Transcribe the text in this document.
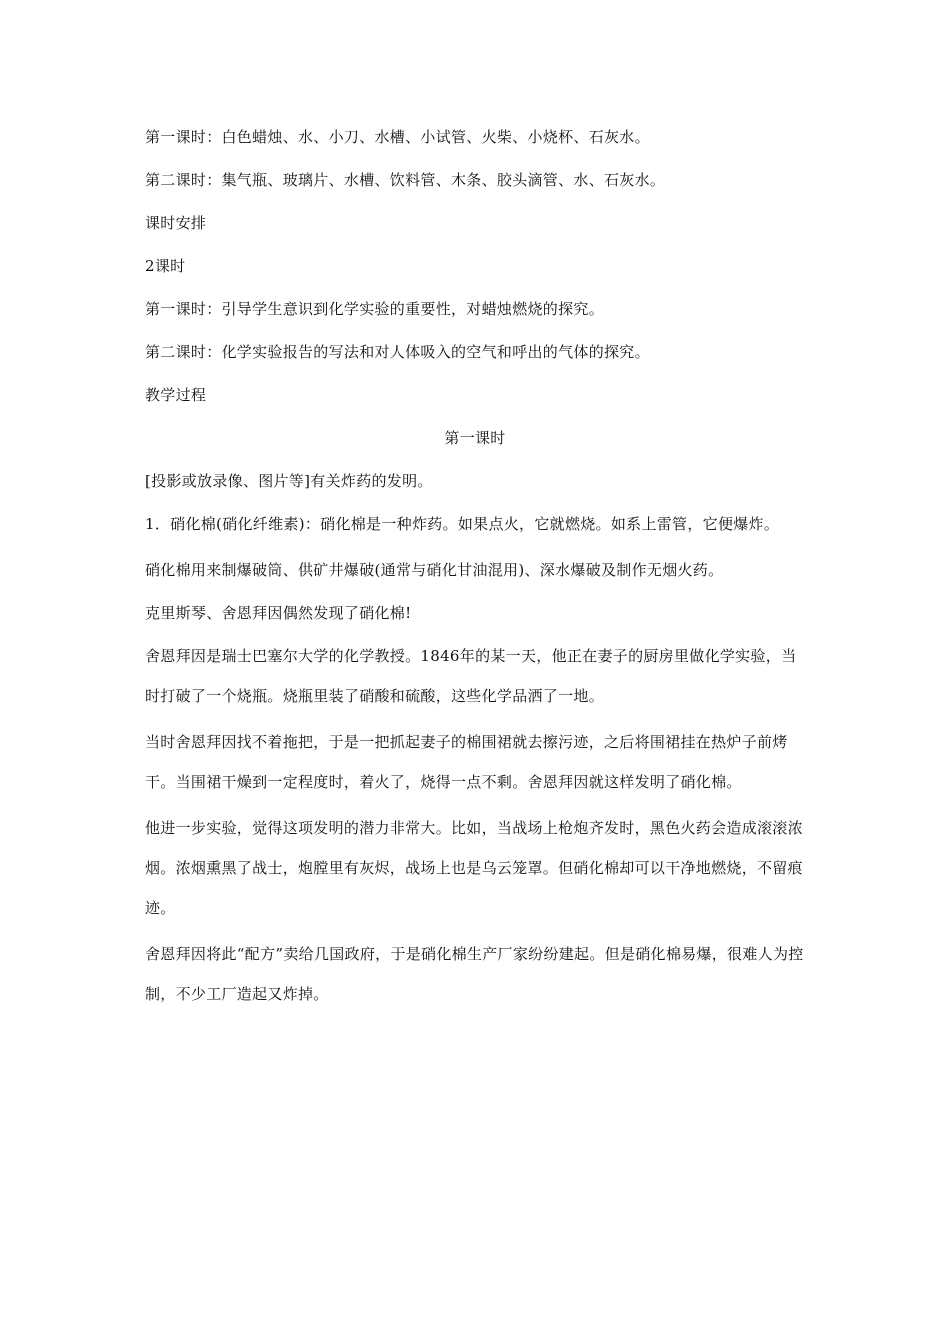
第一课时：白色蜡烛、水、小刀、水槽、小试管、火柴、小烧杯、石灰水。

第二课时：集气瓶、玻璃片、水槽、饮料管、木条、胶头滴管、水、石灰水。

课时安排

2课时

第一课时：引导学生意识到化学实验的重要性，对蜡烛燃烧的探究。

第二课时：化学实验报告的写法和对人体吸入的空气和呼出的气体的探究。

教学过程

第一课时

[投影或放录像、图片等]有关炸药的发明。

1．硝化棉(硝化纤维素)：硝化棉是一种炸药。如果点火，它就燃烧。如系上雷管，它便爆炸。

硝化棉用来制爆破筒、供矿井爆破(通常与硝化甘油混用)、深水爆破及制作无烟火药。

克里斯琴、舍恩拜因偶然发现了硝化棉!

舍恩拜因是瑞士巴塞尔大学的化学教授。1846年的某一天，他正在妻子的厨房里做化学实验，当时打破了一个烧瓶。烧瓶里装了硝酸和硫酸，这些化学品洒了一地。

当时舍恩拜因找不着拖把，于是一把抓起妻子的棉围裙就去擦污迹，之后将围裙挂在热炉子前烤干。当围裙干燥到一定程度时，着火了，烧得一点不剩。舍恩拜因就这样发明了硝化棉。

他进一步实验，觉得这项发明的潜力非常大。比如，当战场上枪炮齐发时，黑色火药会造成滚滚浓烟。浓烟熏黑了战士，炮膛里有灰烬，战场上也是乌云笼罩。但硝化棉却可以干净地燃烧，不留痕迹。

舍恩拜因将此“配方”卖给几国政府，于是硝化棉生产厂家纷纷建起。但是硝化棉易爆，很难人为控制，不少工厂造起又炸掉。
